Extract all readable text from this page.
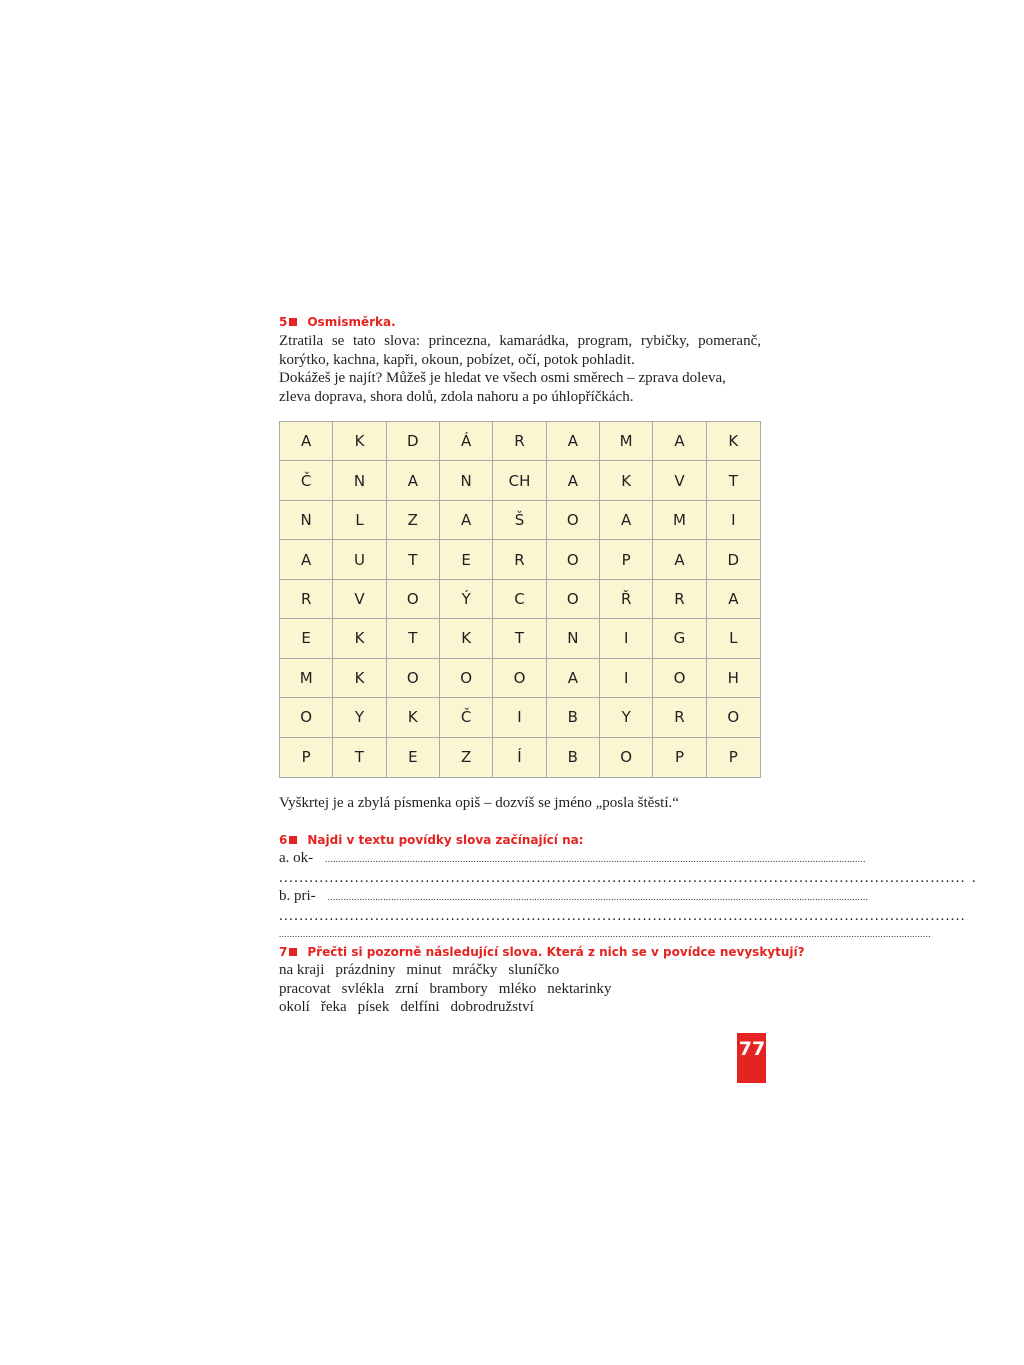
5 Osmisměrka.

Ztratila se tato slova: princezna, kamarádka, program, rybičky, pomeranč, korýtko, kachna, kapři, okoun, pobízet, očí, potok pohladit.

Dokážeš je najít? Můžeš je hledat ve všech osmi směrech – zprava doleva, zleva doprava, shora dolů, zdola nahoru a po úhlopříčkách.

A	K	D	Á	R	A	M	A	K
Č	N	A	N	CH	A	K	V	T
N	L	Z	A	Š	O	A	M	I
A	U	T	E	R	O	P	A	D
R	V	O	Ý	C	O	Ř	R	A
E	K	T	K	T	N	I	G	L
M	K	O	O	O	A	I	O	H
O	Y	K	Č	I	B	Y	R	O
P	T	E	Z	Í	B	O	P	P

Vyškrtej je a zbylá písmenka opiš – dozvíš se jméno „posla štěstí.“

6 Najdi v textu povídky slova začínající na:

a. ok- ............................................................................................................................................................................................................
........................................................................................................................................ .
b. pri- ............................................................................................................................................................................................................
........................................................................................................................................
......................................................................................................................................................................................................................................................

7 Přečti si pozorně následující slova. Která z nich se v povídce nevyskytují?

na kraji prázdniny minut mráčky sluníčko

pracovat svlékla zrní brambory mléko nektarinky

okolí řeka písek delfíni dobrodružství

77
